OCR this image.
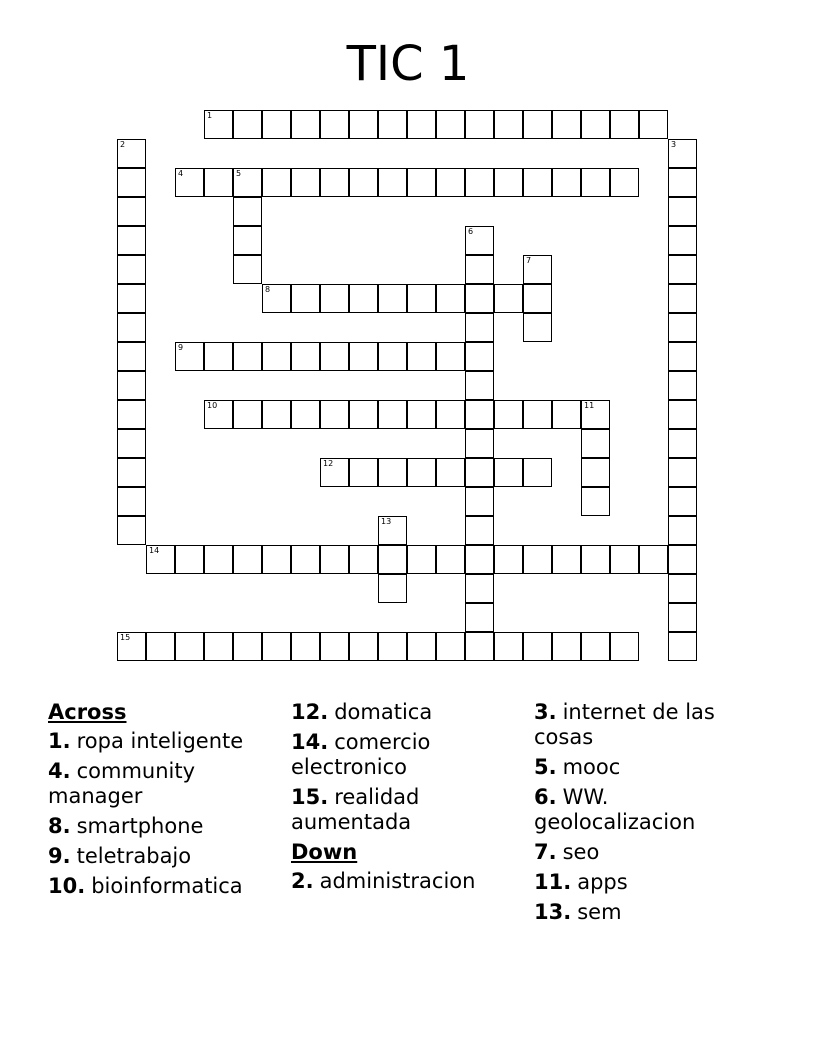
TIC 1
1
2	3
4	5
6
7
8
9
10	11
12
13
14
15
Across
1. ropa inteligente
4. community manager
8. smartphone
9. teletrabajo
10. bioinformatica
12. domatica
14. comercio electronico
15. realidad aumentada
Down
2. administracion
3. internet de las cosas
5. mooc
6. WW. geolocalizacion
7. seo
11. apps
13. sem
